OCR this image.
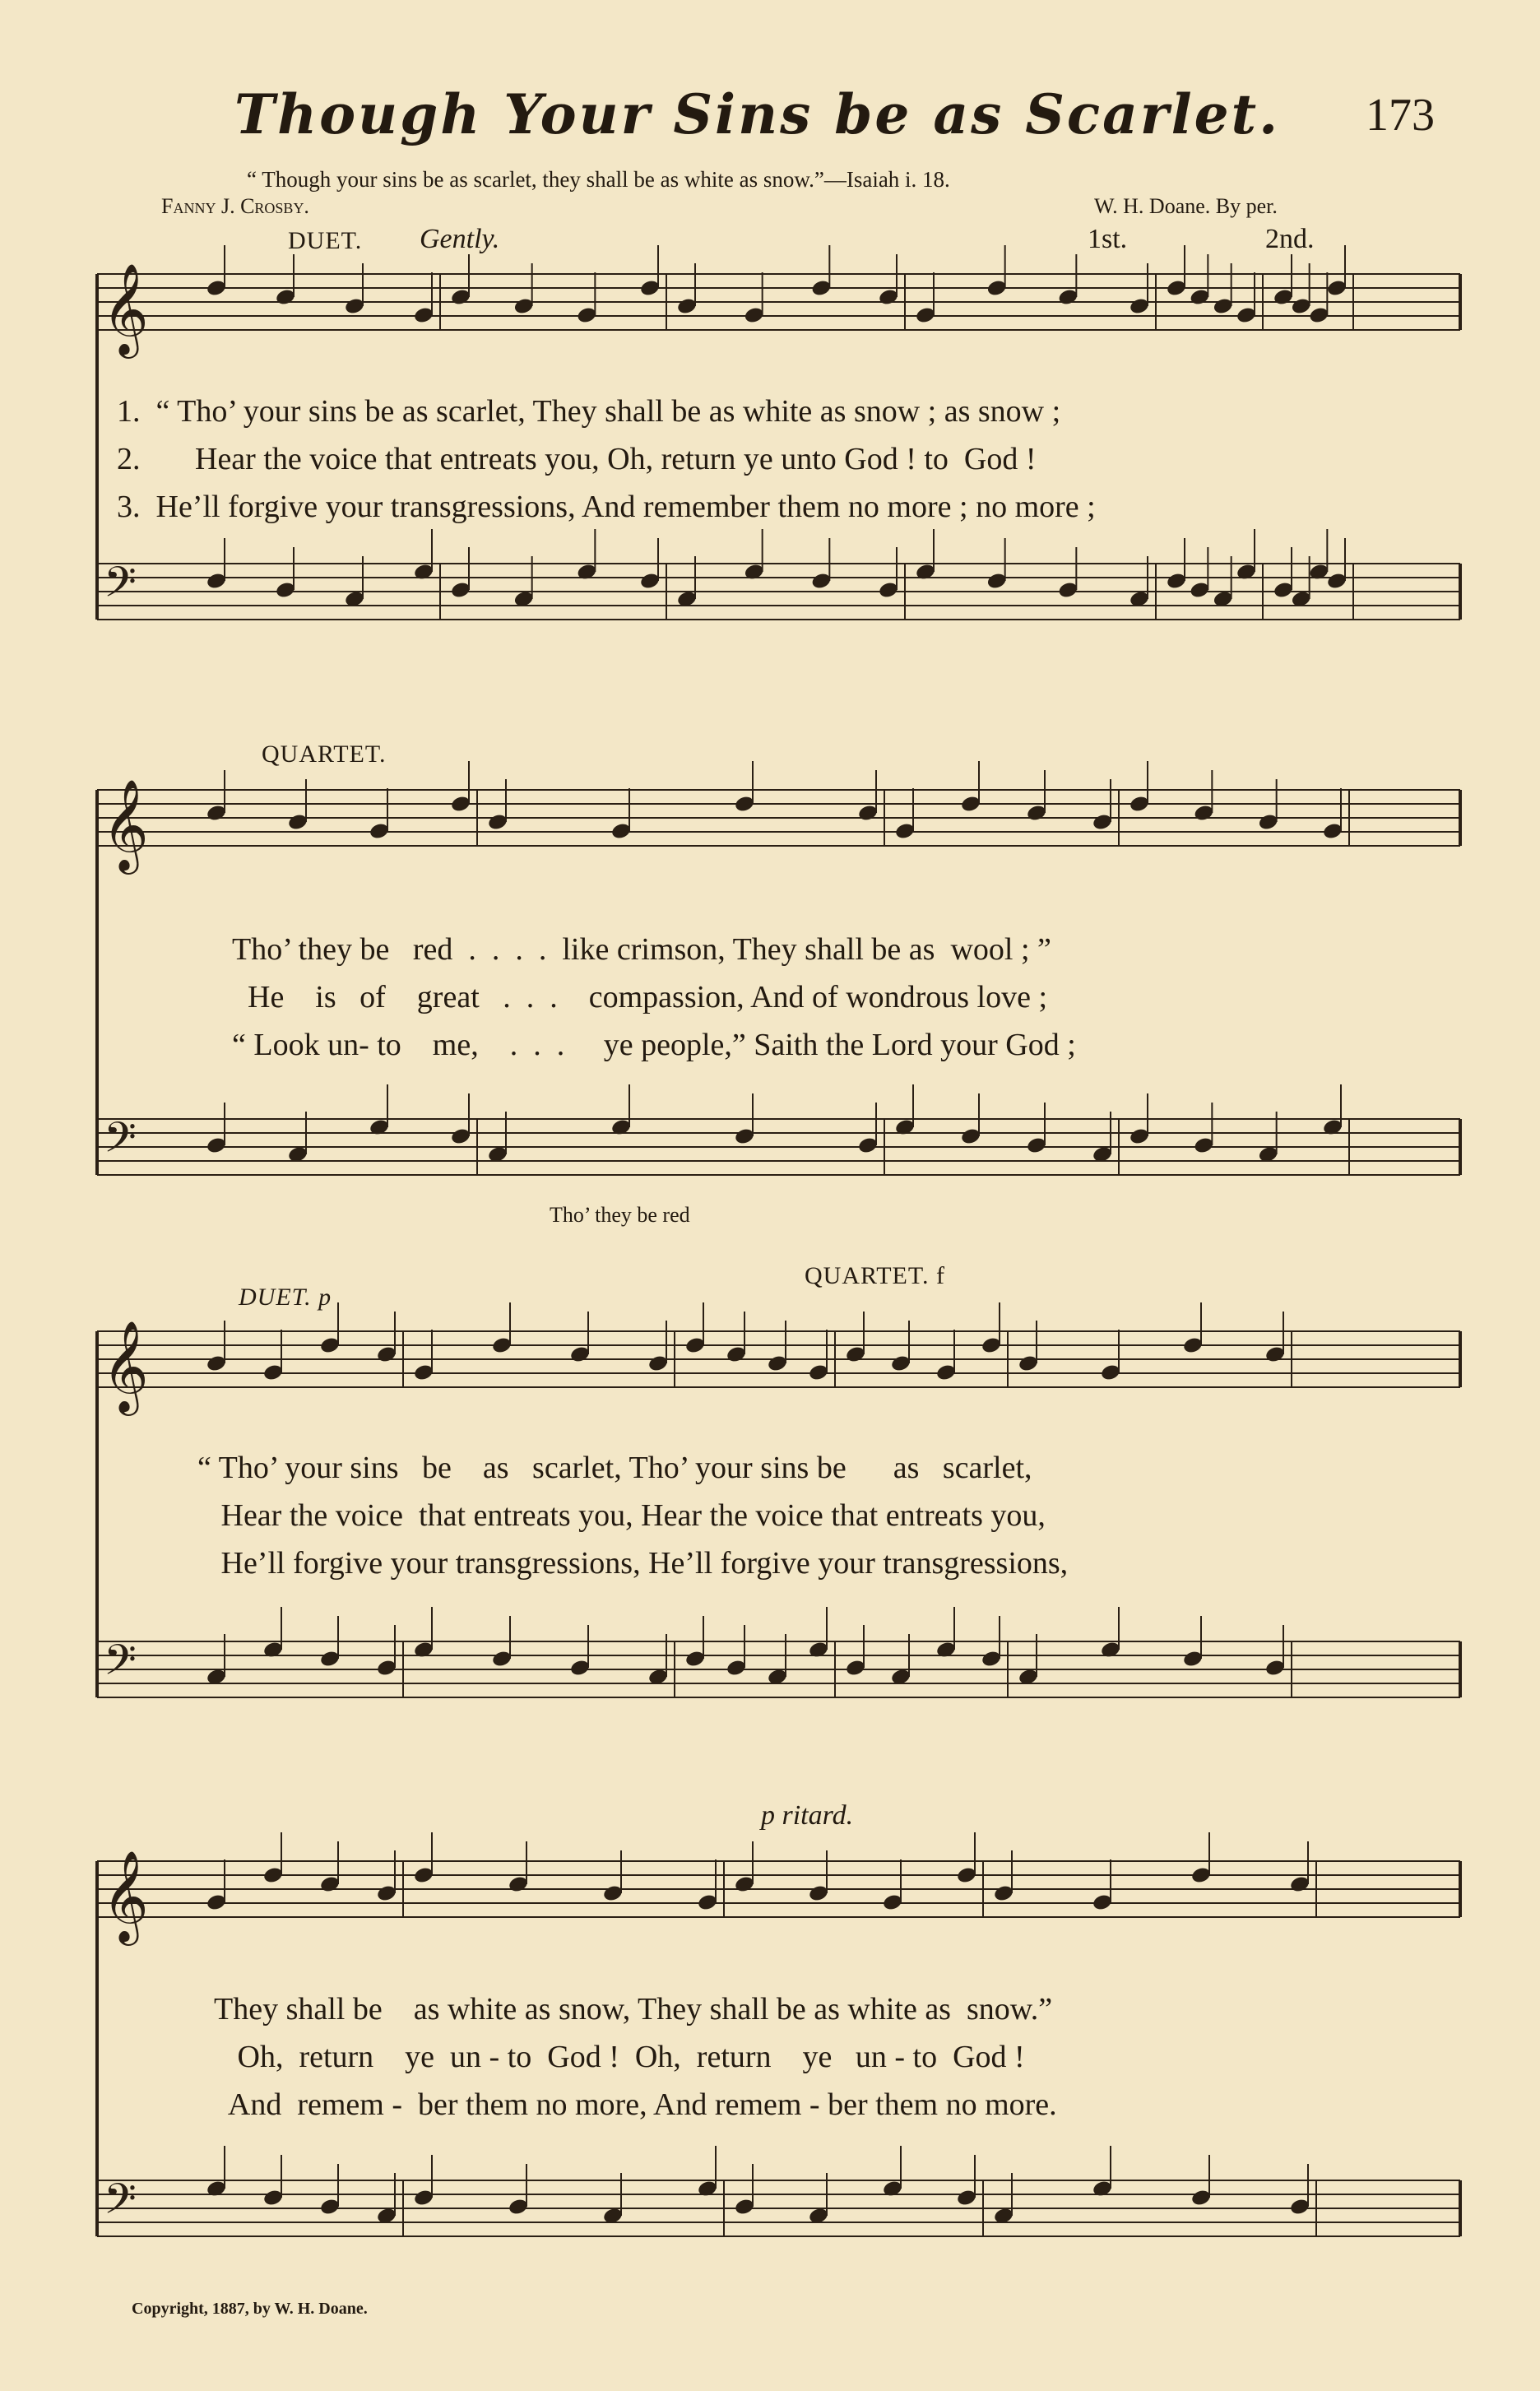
Though Your Sins be as Scarlet. 173
“ Though your sins be as scarlet, they shall be as white as snow.”—Isaiah i. 18.
Fanny J. Crosby.	W. H. Doane. By per.
DUET. Gently.	1st.	2nd.
QUARTET.
DUET. p
QUARTET. f
p ritard.
Tho’ they be red
1.  “ Tho’ your sins be as scarlet, They shall be as white as snow ; as snow ;
2.       Hear the voice that entreats you, Oh, return ye unto God ! to  God !
3.  He’ll forgive your transgressions, And remember them no more ; no more ;
Tho’ they be   red  .  .  .  .  like crimson, They shall be as  wool ; ”
He    is   of    great   .  .  .    compassion, And of wondrous love ;
“ Look un- to    me,    .  .  .     ye people,” Saith the Lord your God ;
“ Tho’ your sins   be    as   scarlet, Tho’ your sins be      as   scarlet,
Hear the voice  that entreats you, Hear the voice that entreats you,
He’ll forgive your transgressions, He’ll forgive your transgressions,
They shall be    as white as snow, They shall be as white as  snow.”
Oh,  return    ye  un - to  God !  Oh,  return    ye   un - to  God !
And  remem -  ber them no more, And remem - ber them no more.
𝄞
𝄢
𝄞
𝄢
𝄞
𝄢
𝄞
𝄢
Copyright, 1887, by W. H. Doane.
